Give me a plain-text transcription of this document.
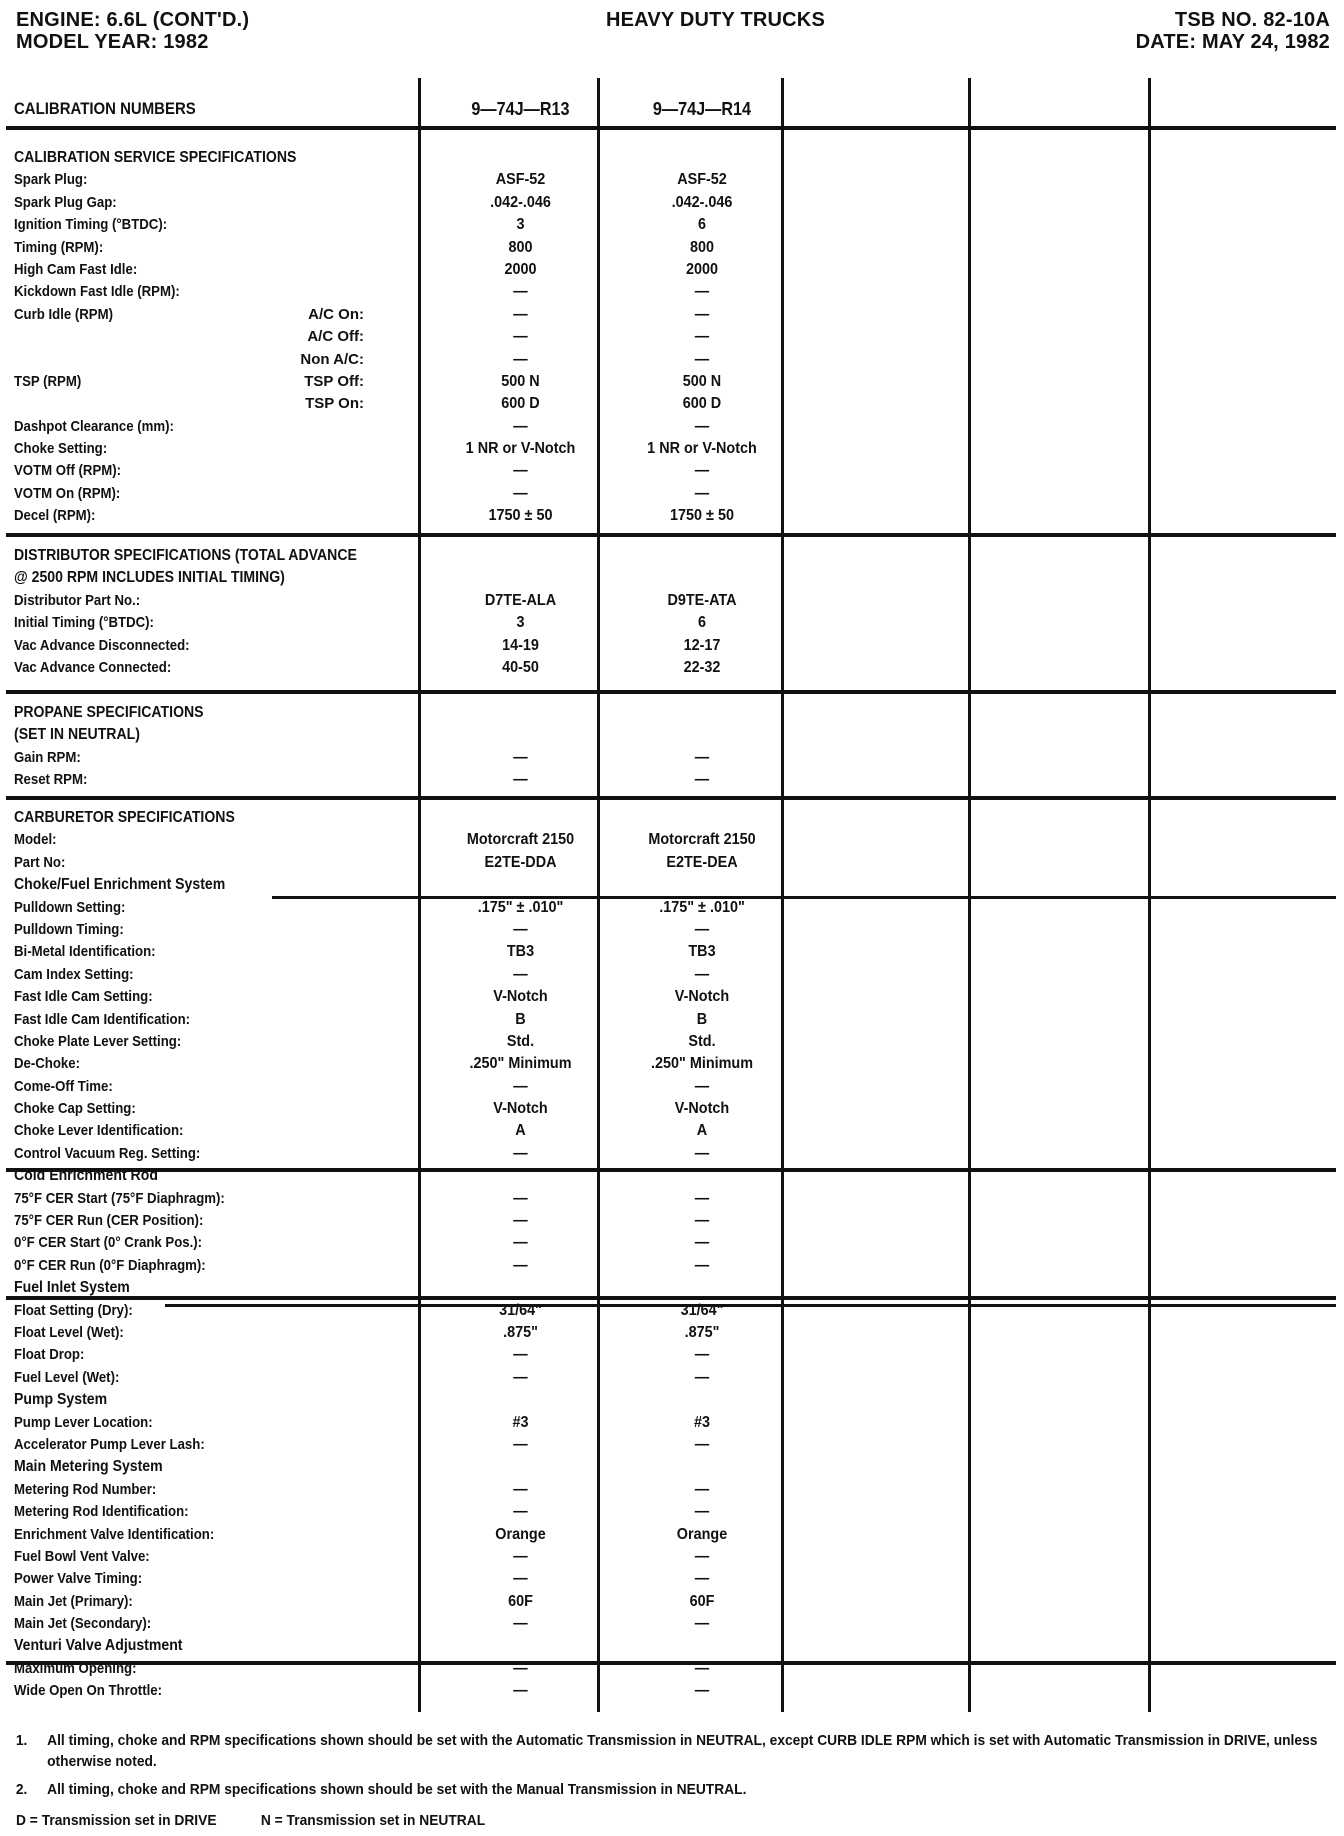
ENGINE: 6.6L (CONT'D.)
MODEL YEAR: 1982
HEAVY DUTY TRUCKS	TSB NO. 82-10A
DATE: MAY 24, 1982
CALIBRATION NUMBERS	9—74J—R13	9—74J—R14
CALIBRATION SERVICE SPECIFICATIONS
Spark Plug:	ASF-52	ASF-52
Spark Plug Gap:	.042-.046	.042-.046
Ignition Timing (°BTDC):	3	6
Timing (RPM):	800	800
High Cam Fast Idle:	2000	2000
Kickdown Fast Idle (RPM):	—	—
Curb Idle (RPM)	A/C On:	—	—
A/C Off:	—	—
Non A/C:	—	—
TSP (RPM)	TSP Off:	500 N	500 N
TSP On:	600 D	600 D
Dashpot Clearance (mm):	—	—
Choke Setting:	1 NR or V-Notch	1 NR or V-Notch
VOTM Off (RPM):	—	—
VOTM On (RPM):	—	—
Decel (RPM):	1750 ± 50	1750 ± 50
DISTRIBUTOR SPECIFICATIONS (TOTAL ADVANCE
@ 2500 RPM INCLUDES INITIAL TIMING)
Distributor Part No.:	D7TE-ALA	D9TE-ATA
Initial Timing (°BTDC):	3	6
Vac Advance Disconnected:	14-19	12-17
Vac Advance Connected:	40-50	22-32
PROPANE SPECIFICATIONS
(SET IN NEUTRAL)
Gain RPM:	—	—
Reset RPM:	—	—
CARBURETOR SPECIFICATIONS
Model:	Motorcraft 2150	Motorcraft 2150
Part No:	E2TE-DDA	E2TE-DEA
Choke/Fuel Enrichment System
Pulldown Setting:	.175" ± .010"	.175" ± .010"
Pulldown Timing:	—	—
Bi-Metal Identification:	TB3	TB3
Cam Index Setting:	—	—
Fast Idle Cam Setting:	V-Notch	V-Notch
Fast Idle Cam Identification:	B	B
Choke Plate Lever Setting:	Std.	Std.
De-Choke:	.250" Minimum	.250" Minimum
Come-Off Time:	—	—
Choke Cap Setting:	V-Notch	V-Notch
Choke Lever Identification:	A	A
Control Vacuum Reg. Setting:	—	—
Cold Enrichment Rod
75°F CER Start (75°F Diaphragm):	—	—
75°F CER Run (CER Position):	—	—
0°F CER Start (0° Crank Pos.):	—	—
0°F CER Run (0°F Diaphragm):	—	—
Fuel Inlet System
Float Setting (Dry):	31/64"	31/64"
Float Level (Wet):	.875"	.875"
Float Drop:	—	—
Fuel Level (Wet):	—	—
Pump System
Pump Lever Location:	#3	#3
Accelerator Pump Lever Lash:	—	—
Main Metering System
Metering Rod Number:	—	—
Metering Rod Identification:	—	—
Enrichment Valve Identification:	Orange	Orange
Fuel Bowl Vent Valve:	—	—
Power Valve Timing:	—	—
Main Jet (Primary):	60F	60F
Main Jet (Secondary):	—	—
Venturi Valve Adjustment
Maximum Opening:	—	—
Wide Open On Throttle:	—	—
1. All timing, choke and RPM specifications shown should be set with the Automatic Transmission in NEUTRAL, except CURB IDLE RPM which is set with Automatic Transmission in DRIVE, unless otherwise noted.
2. All timing, choke and RPM specifications shown should be set with the Manual Transmission in NEUTRAL.
D = Transmission set in DRIVE	N = Transmission set in NEUTRAL
